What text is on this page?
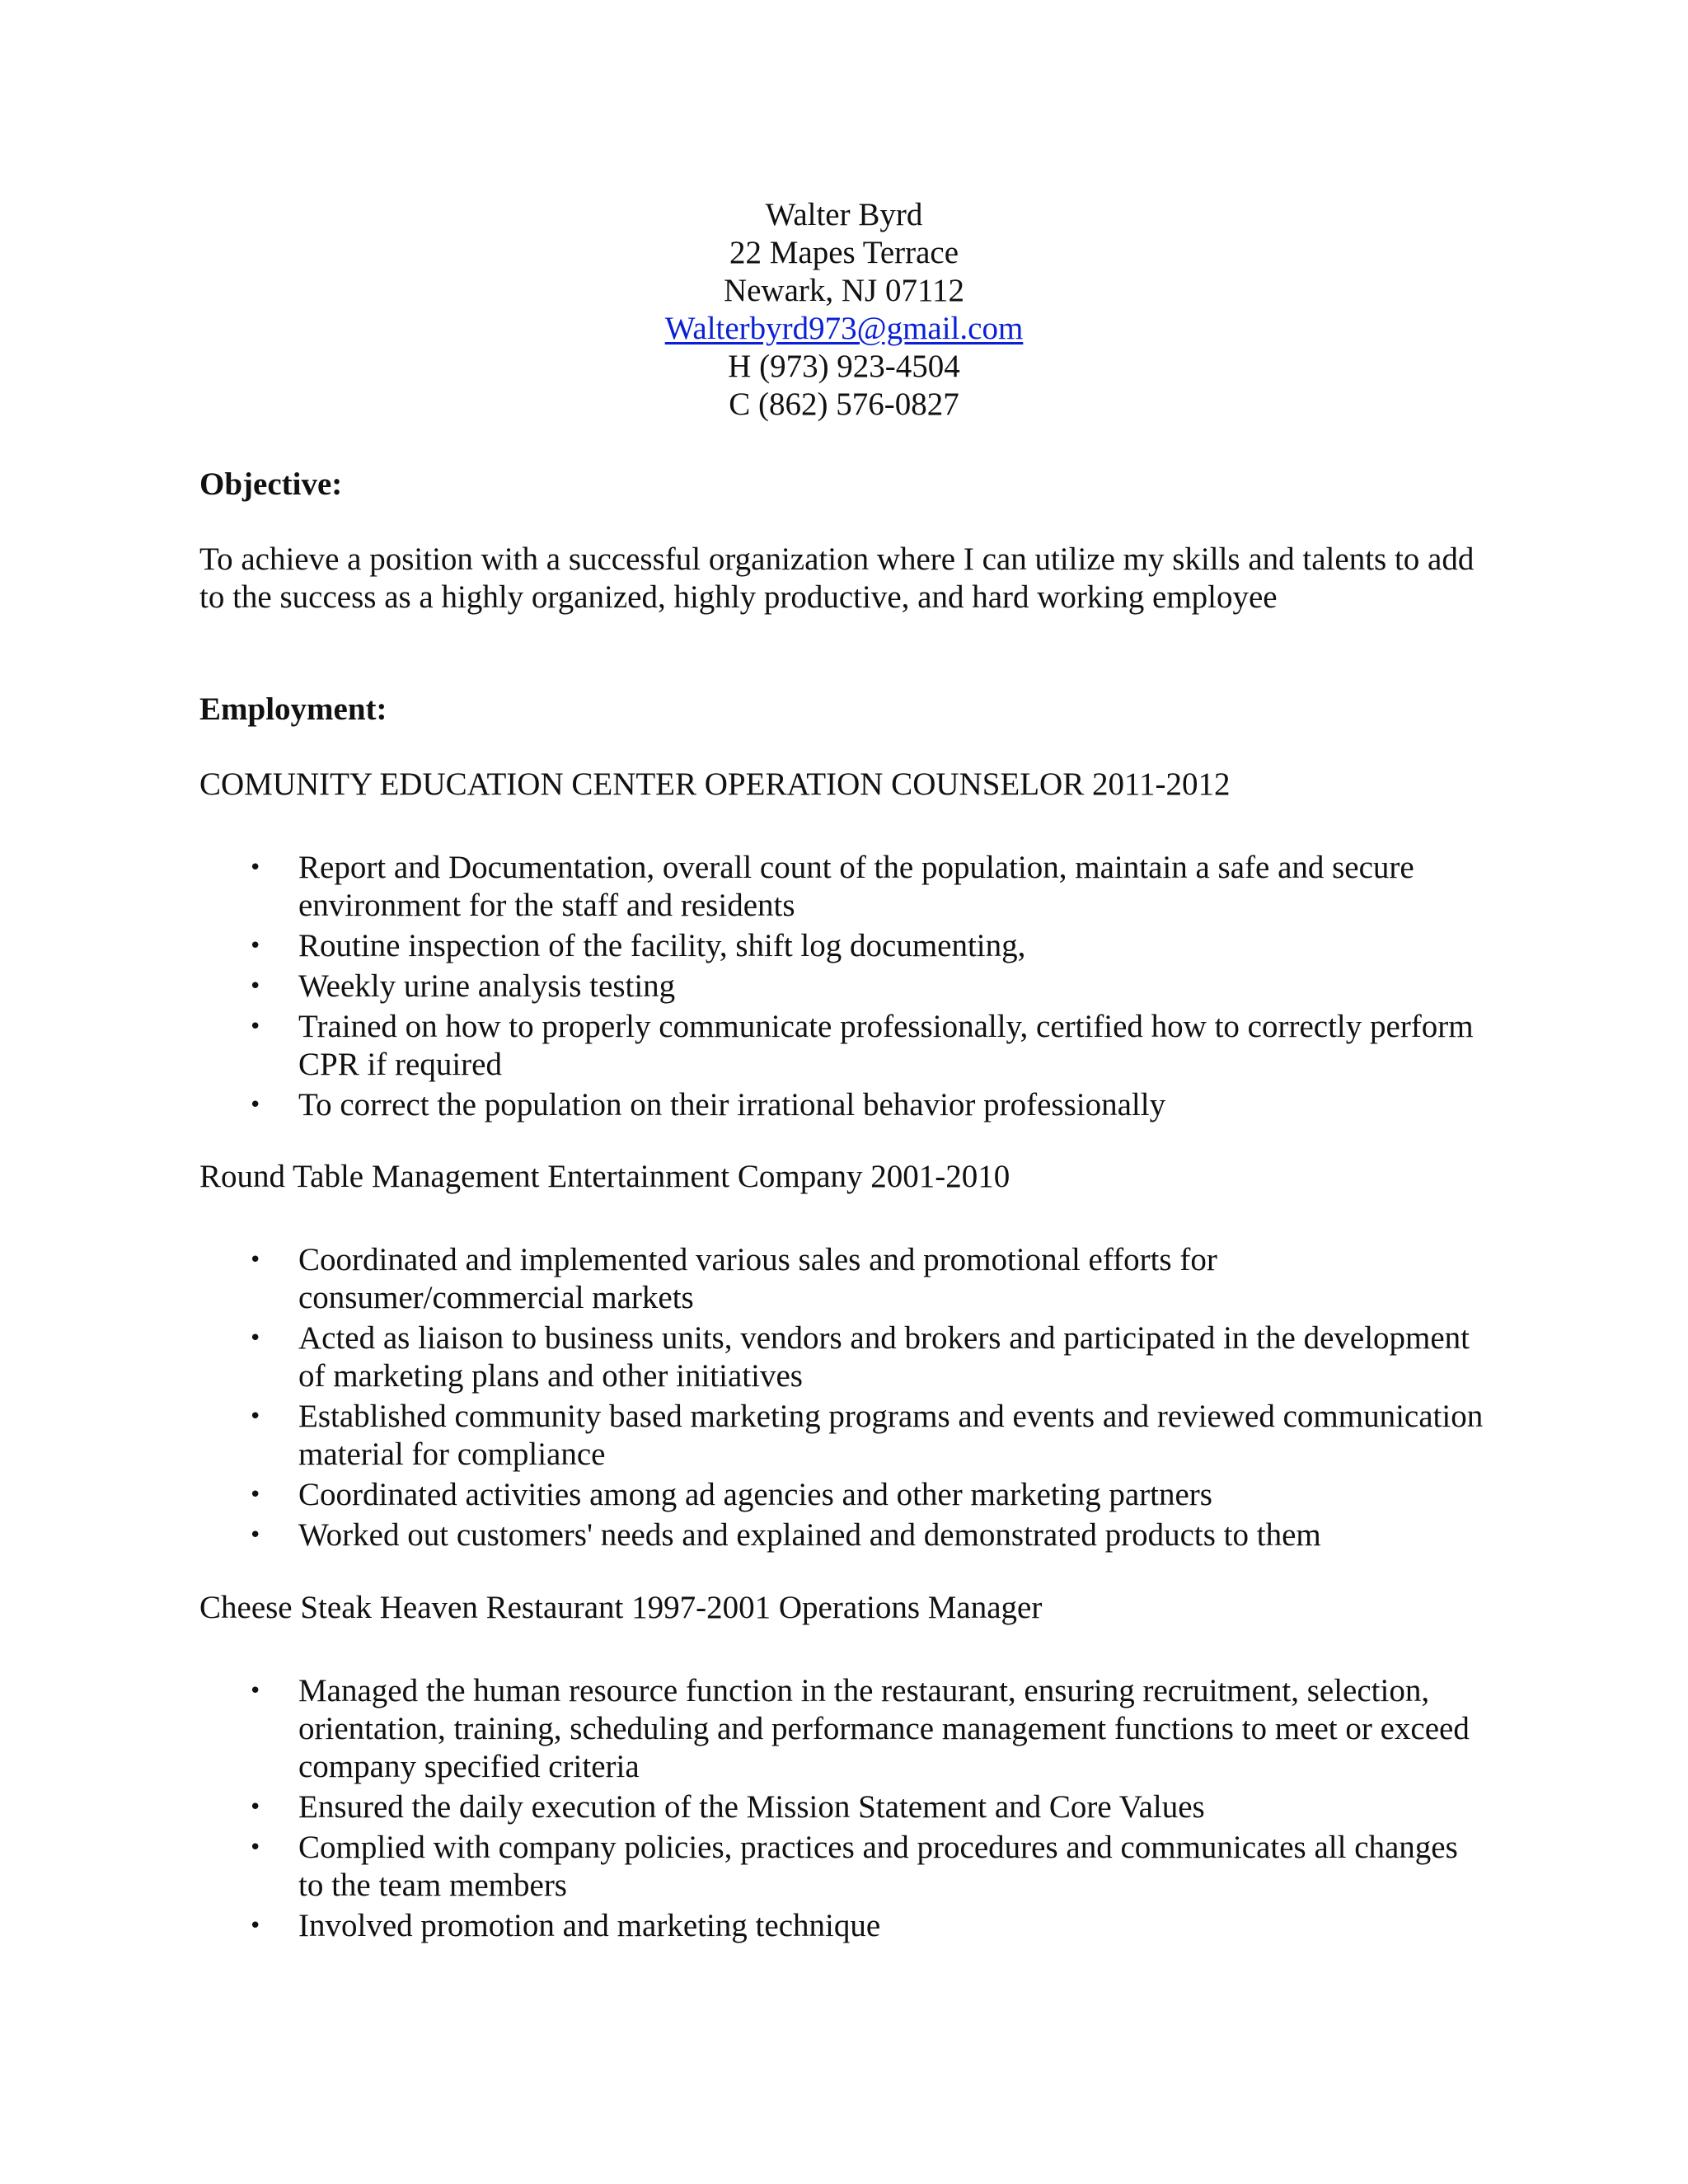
Walter Byrd
22 Mapes Terrace
Newark, NJ 07112
Walterbyrd973@gmail.com
H (973) 923-4504
C (862) 576-0827
Objective:
To achieve a position with a successful organization where I can utilize my skills and talents to add to the success as a highly organized, highly productive, and hard working employee
Employment:
COMUNITY EDUCATION CENTER OPERATION COUNSELOR 2011-2012
• Report and Documentation, overall count of the population, maintain a safe and secure environment for the staff and residents
• Routine inspection of the facility, shift log documenting,
• Weekly urine analysis testing
• Trained on how to properly communicate professionally, certified how to correctly perform CPR if required
• To correct the population on their irrational behavior professionally
Round Table Management Entertainment Company 2001-2010
• Coordinated and implemented various sales and promotional efforts for consumer/commercial markets
• Acted as liaison to business units, vendors and brokers and participated in the development of marketing plans and other initiatives
• Established community based marketing programs and events and reviewed communication material for compliance
• Coordinated activities among ad agencies and other marketing partners
• Worked out customers' needs and explained and demonstrated products to them
Cheese Steak Heaven Restaurant 1997-2001 Operations Manager
• Managed the human resource function in the restaurant, ensuring recruitment, selection, orientation, training, scheduling and performance management functions to meet or exceed company specified criteria
• Ensured the daily execution of the Mission Statement and Core Values
• Complied with company policies, practices and procedures and communicates all changes to the team members
• Involved promotion and marketing technique
